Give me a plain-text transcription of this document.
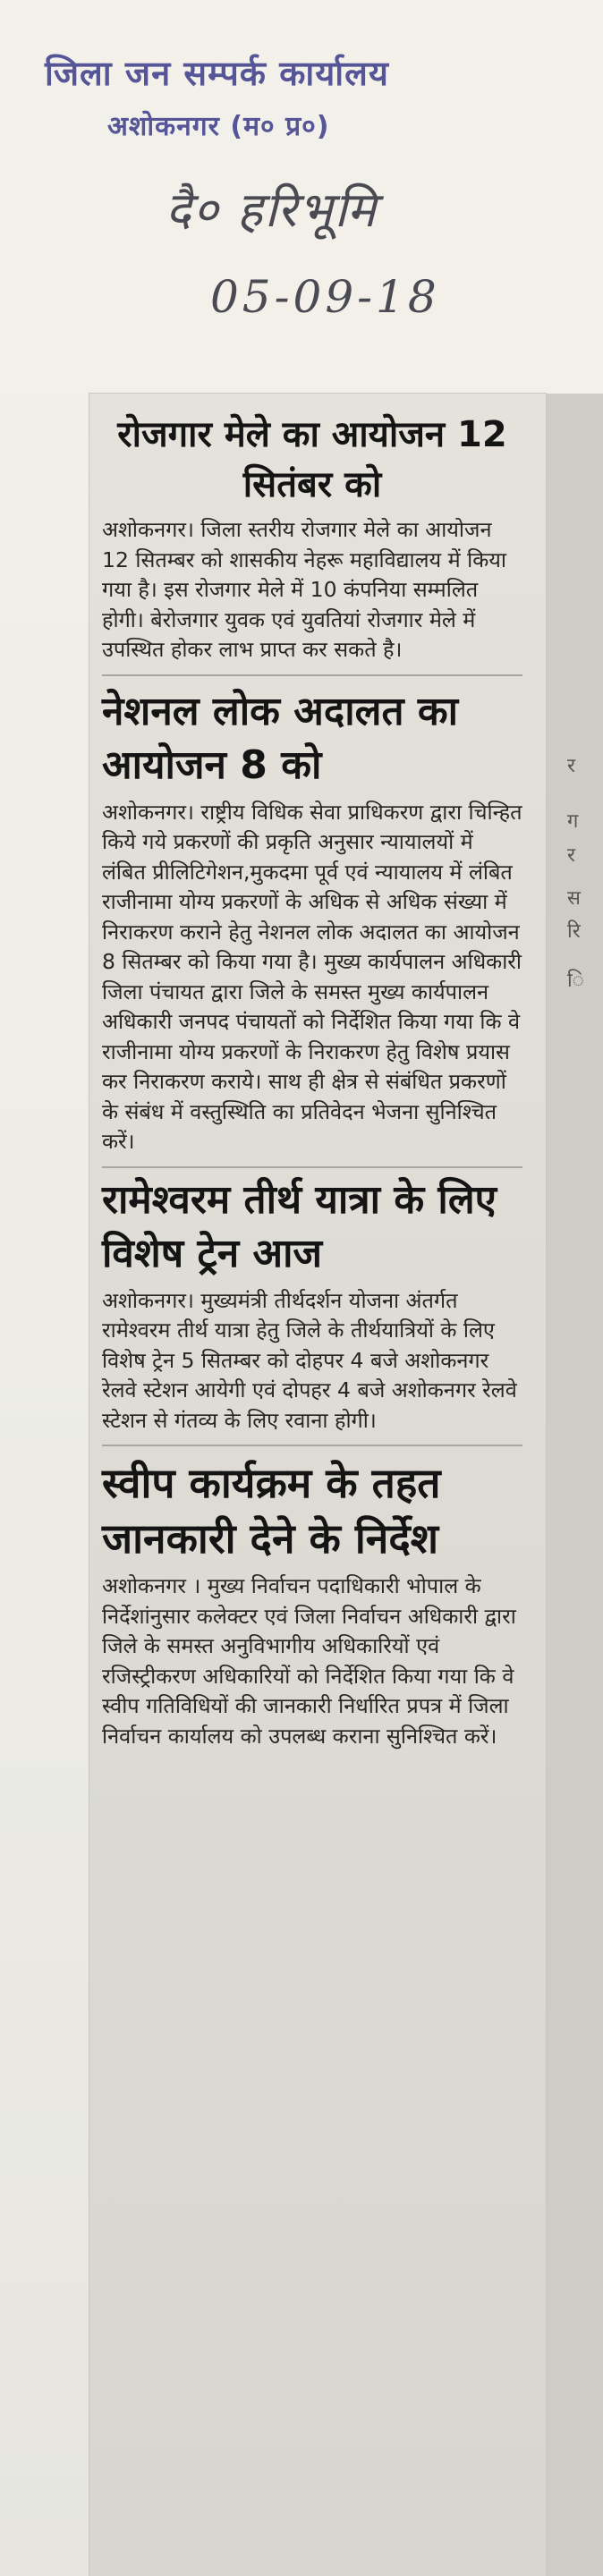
जिला जन सम्पर्क कार्यालय
अशोकनगर (म० प्र०)
दै० हरिभूमि
05-09-18
र
ग
र
स
रि
ि
रोजगार मेले का आयोजन 12 सितंबर को

अशोकनगर। जिला स्तरीय रोजगार मेले का आयोजन 12 सितम्बर को शासकीय नेहरू महाविद्यालय में किया गया है। इस रोजगार मेले में 10 कंपनिया सम्मलित होगी। बेरोजगार युवक एवं युवतियां रोजगार मेले में उपस्थित होकर लाभ प्राप्त कर सकते है।

नेशनल लोक अदालत का आयोजन 8 को

अशोकनगर। राष्ट्रीय विधिक सेवा प्राधिकरण द्वारा चिन्हित किये गये प्रकरणों की प्रकृति अनुसार न्यायालयों में लंबित प्रीलिटिगेशन,मुकदमा पूर्व एवं न्यायालय में लंबित राजीनामा योग्य प्रकरणों के अधिक से अधिक संख्या में निराकरण कराने हेतु नेशनल लोक अदालत का आयोजन 8 सितम्बर को किया गया है। मुख्य कार्यपालन अधिकारी जिला पंचायत द्वारा जिले के समस्त मुख्य कार्यपालन अधिकारी जनपद पंचायतों को निर्देशित किया गया कि वे राजीनामा योग्य प्रकरणों के निराकरण हेतु विशेष प्रयास कर निराकरण कराये। साथ ही क्षेत्र से संबंधित प्रकरणों के संबंध में वस्तुस्थिति का प्रतिवेदन भेजना सुनिश्चित करें।

रामेश्वरम तीर्थ यात्रा के लिए विशेष ट्रेन आज

अशोकनगर। मुख्यमंत्री तीर्थदर्शन योजना अंतर्गत रामेश्वरम तीर्थ यात्रा हेतु जिले के तीर्थयात्रियों के लिए विशेष ट्रेन 5 सितम्बर को दोहपर 4 बजे अशोकनगर रेलवे स्टेशन आयेगी एवं दोपहर 4 बजे अशोकनगर रेलवे स्टेशन से गंतव्य के लिए रवाना होगी।

स्वीप कार्यक्रम के तहत जानकारी देने के निर्देश

अशोकनगर । मुख्य निर्वाचन पदाधिकारी भोपाल के निर्देशांनुसार कलेक्टर एवं जिला निर्वाचन अधिकारी द्वारा जिले के समस्त अनुविभागीय अधिकारियों एवं रजिस्ट्रीकरण अधिकारियों को निर्देशित किया गया कि वे स्वीप गतिविधियों की जानकारी निर्धारित प्रपत्र में जिला निर्वाचन कार्यालय को उपलब्ध कराना सुनिश्चित करें।
